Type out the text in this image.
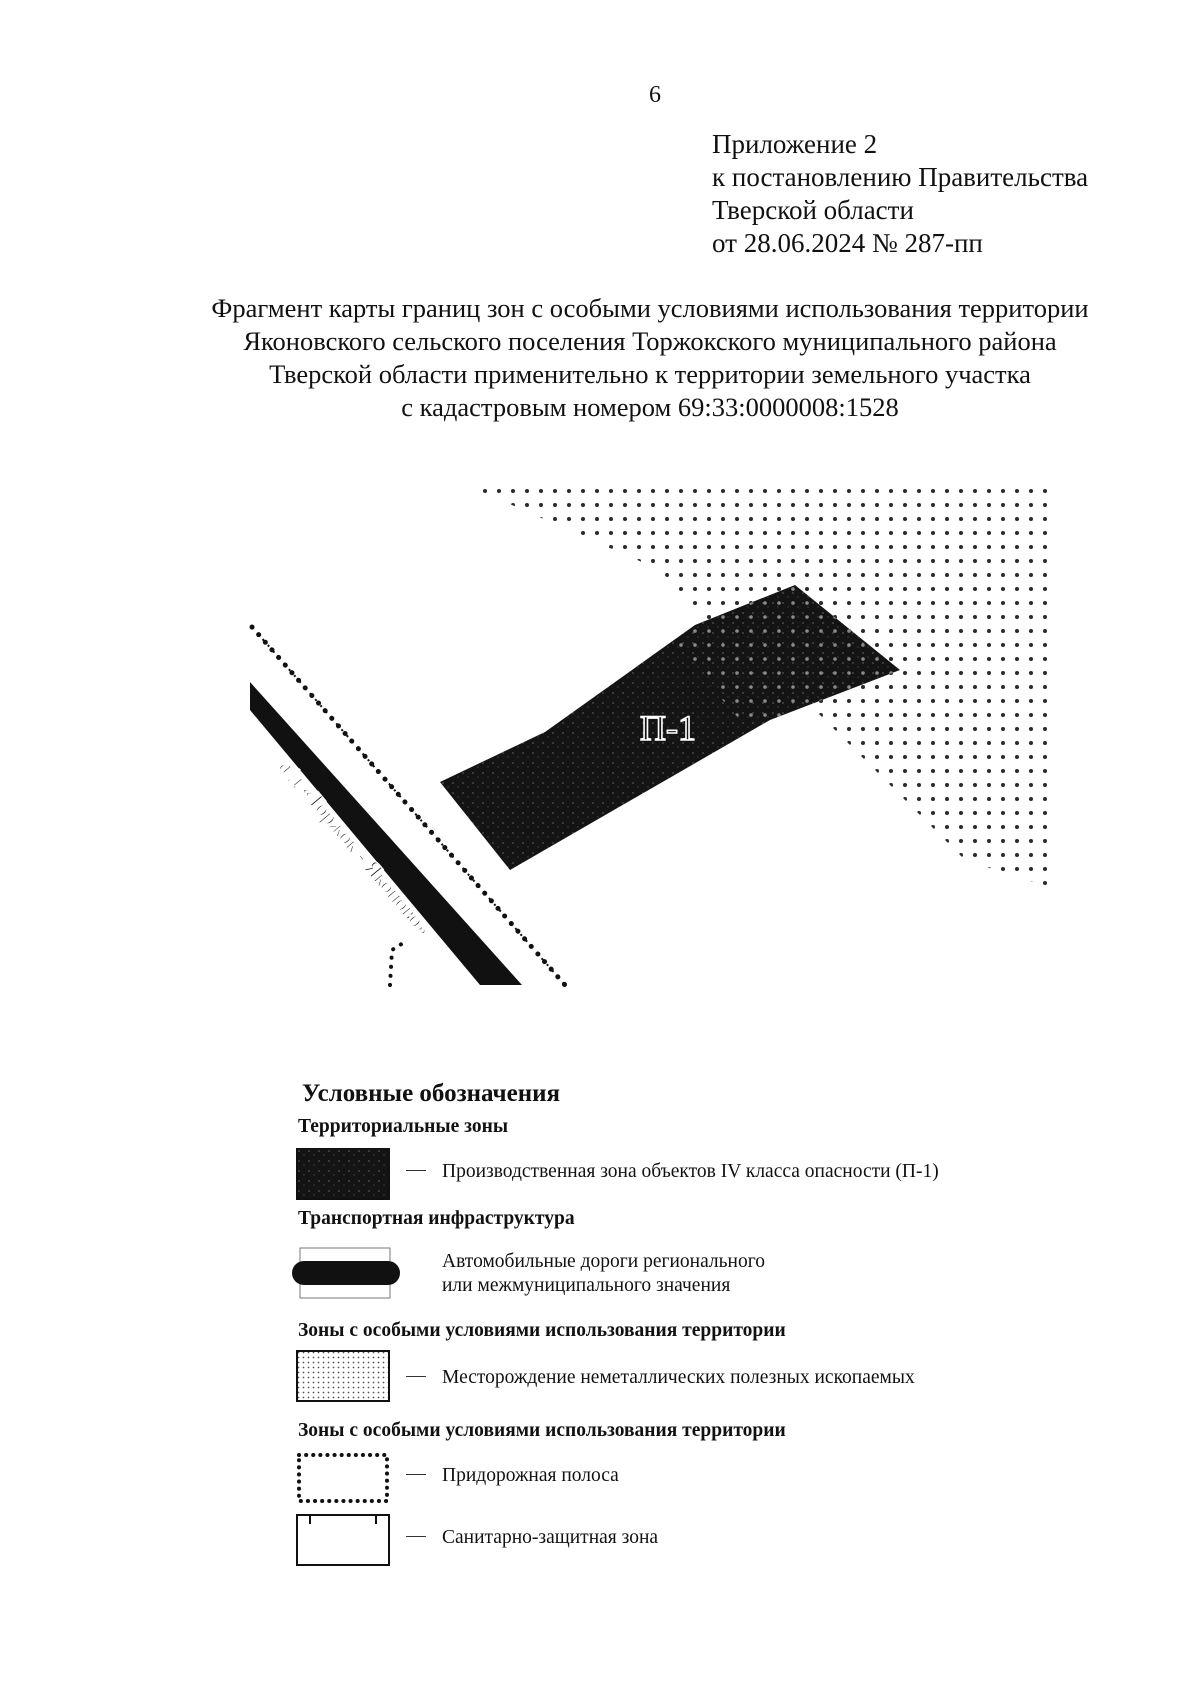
6
Приложение 2
к постановлению Правительства
Тверской области
от 28.06.2024 № 287-пп
Фрагмент карты границ зон с особыми условиями использования территории
Яконовского сельского поселения Торжокского муниципального района
Тверской области применительно к территории земельного участка
с кадастровым номером 69:33:0000008:1528
П-1
а/д «Торжок - Яконово»
Условные обозначения
Территориальные зоны
Производственная зона объектов IV класса опасности (П-1)
Транспортная инфраструктура
Автомобильные дороги регионального
или межмуниципального значения
Зоны с особыми условиями использования территории
Месторождение неметаллических полезных ископаемых
Зоны с особыми условиями использования территории
Придорожная полоса
Санитарно-защитная зона
